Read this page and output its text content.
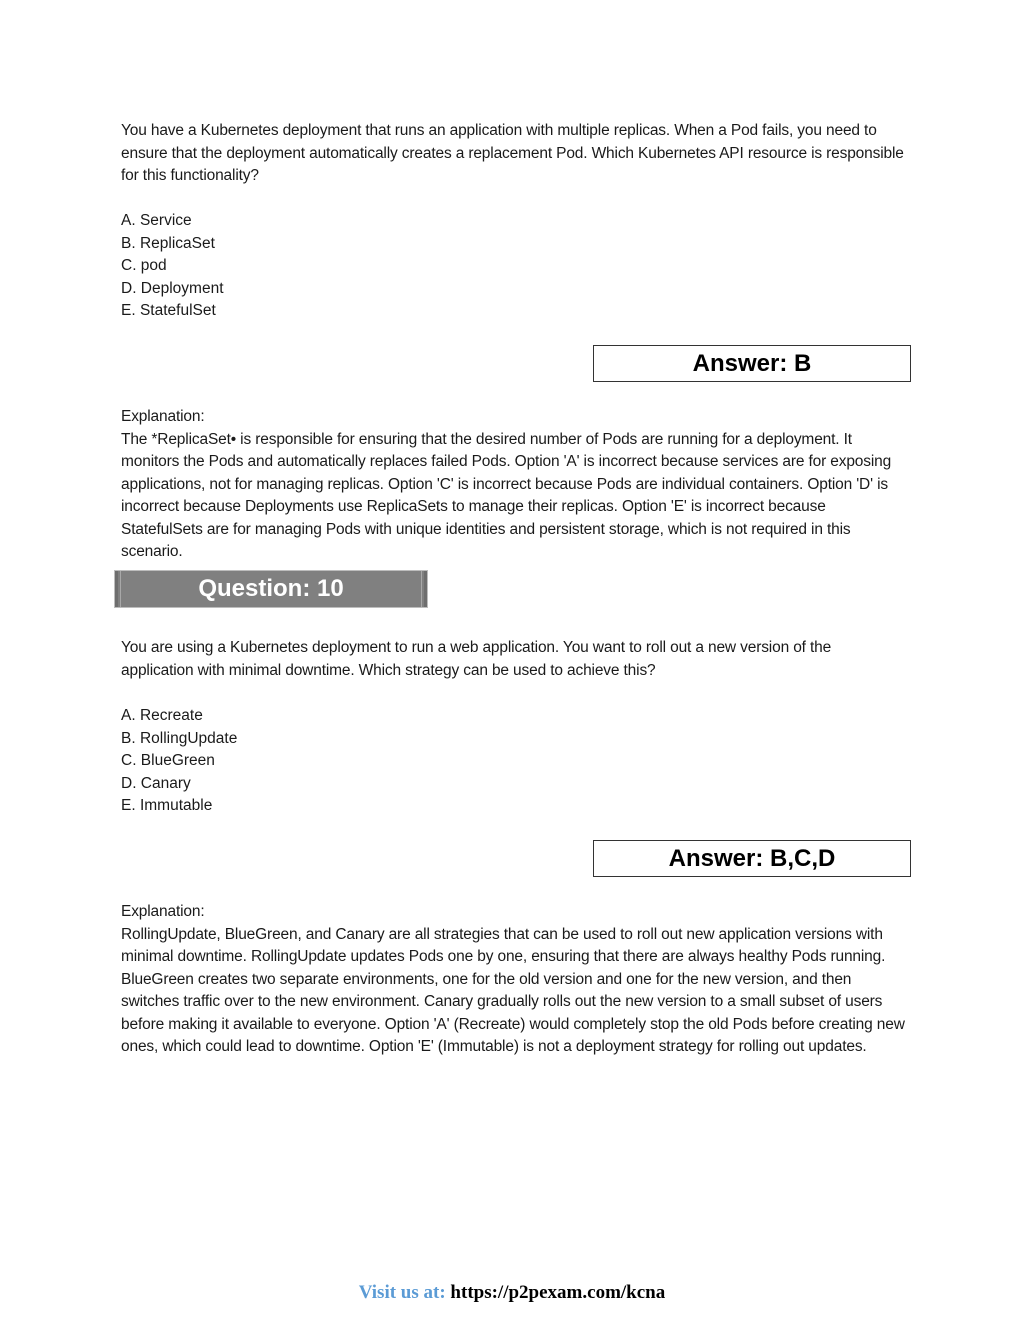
You have a Kubernetes deployment that runs an application with multiple replicas. When a Pod fails, you need to ensure that the deployment automatically creates a replacement Pod. Which Kubernetes API resource is responsible for this functionality?

A. Service
B. ReplicaSet
C. pod
D. Deployment
E. StatefulSet
Answer: B

Explanation:

The *ReplicaSet• is responsible for ensuring that the desired number of Pods are running for a deployment. It monitors the Pods and automatically replaces failed Pods. Option 'A' is incorrect because services are for exposing applications, not for managing replicas. Option 'C' is incorrect because Pods are individual containers. Option 'D' is incorrect because Deployments use ReplicaSets to manage their replicas. Option 'E' is incorrect because StatefulSets are for managing Pods with unique identities and persistent storage, which is not required in this scenario.

Question: 10

You are using a Kubernetes deployment to run a web application. You want to roll out a new version of the application with minimal downtime. Which strategy can be used to achieve this?

A. Recreate
B. RollingUpdate
C. BlueGreen
D. Canary
E. Immutable
Answer: B,C,D

Explanation:

RollingUpdate, BlueGreen, and Canary are all strategies that can be used to roll out new application versions with minimal downtime. RollingUpdate updates Pods one by one, ensuring that there are always healthy Pods running. BlueGreen creates two separate environments, one for the old version and one for the new version, and then switches traffic over to the new environment. Canary gradually rolls out the new version to a small subset of users before making it available to everyone. Option 'A' (Recreate) would completely stop the old Pods before creating new ones, which could lead to downtime. Option 'E' (Immutable) is not a deployment strategy for rolling out updates.

Visit us at: https://p2pexam.com/kcna
